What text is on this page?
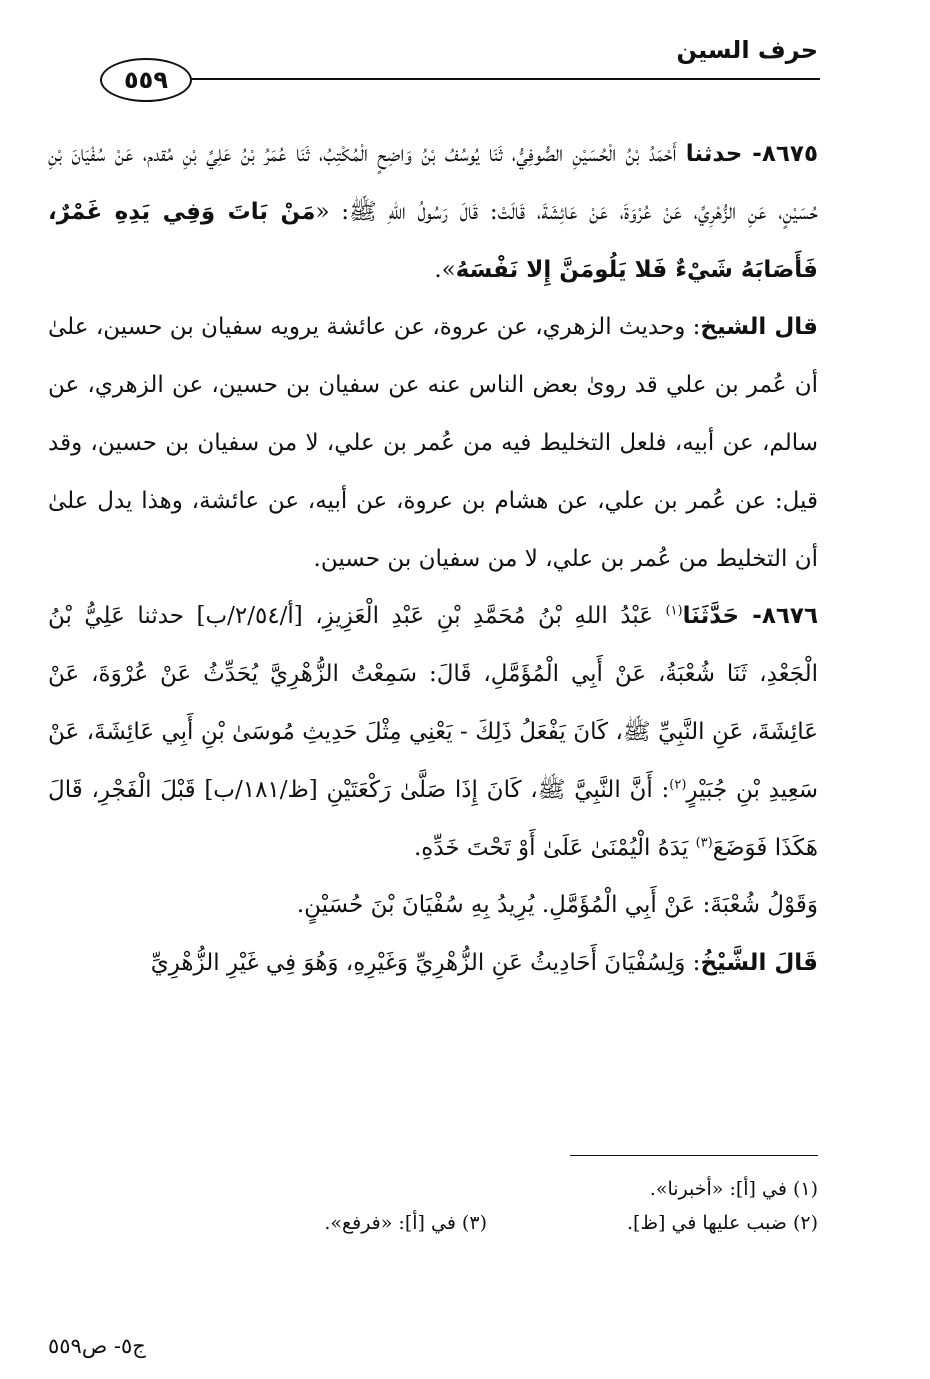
حرف السين
٥٥٩

٨٦٧٥- حدثنا أَحْمَدُ بْنُ الْحُسَيْنِ الصُّوفِيُّ، ثَنَا يُوسُفُ بْنُ وَاضِحٍ الْمُكْتِبُ، ثَنَا عُمَرُ بْنُ عَلِيِّ بْنِ مُقدم، عَنْ سُفْيَانَ بْنِ حُسَيْنٍ، عَنِ الزُّهْرِيِّ، عَنْ عُرْوَةَ، عَنْ عَائِشَةَ، قَالَتْ: قَالَ رَسُولُ اللهِ ﷺ: «مَنْ بَاتَ وَفِي يَدِهِ غَمْرٌ، فَأَصَابَهُ شَيْءٌ فَلا يَلُومَنَّ إِلا نَفْسَهُ».

قال الشيخ: وحديث الزهري، عن عروة، عن عائشة يرويه سفيان بن حسين، علىٰ أن عُمر بن علي قد روىٰ بعض الناس عنه عن سفيان بن حسين، عن الزهري، عن سالم، عن أبيه، فلعل التخليط فيه من عُمر بن علي، لا من سفيان بن حسين، وقد قيل: عن عُمر بن علي، عن هشام بن عروة، عن أبيه، عن عائشة، وهذا يدل علىٰ أن التخليط من عُمر بن علي، لا من سفيان بن حسين.

٨٦٧٦- حَدَّثَنَا$^{(١)}$ عَبْدُ اللهِ بْنُ مُحَمَّدِ بْنِ عَبْدِ الْعَزِيزِ، [أ/٢/٥٤/ب] حدثنا عَلِيُّ بْنُ الْجَعْدِ، ثَنَا شُعْبَةُ، عَنْ أَبِي الْمُؤَمَّلِ، قَالَ: سَمِعْتُ الزُّهْرِيَّ يُحَدِّثُ عَنْ عُرْوَةَ، عَنْ عَائِشَةَ، عَنِ النَّبِيِّ ﷺ، كَانَ يَفْعَلُ ذَلِكَ - يَعْنِي مِثْلَ حَدِيثِ مُوسَىٰ بْنِ أَبِي عَائِشَةَ، عَنْ سَعِيدِ بْنِ جُبَيْرٍ$^{(٢)}$: أَنَّ النَّبِيَّ ﷺ، كَانَ إِذَا صَلَّىٰ رَكْعَتَيْنِ [ظ/١٨١/ب] قَبْلَ الْفَجْرِ، قَالَ هَكَذَا فَوَضَعَ$^{(٣)}$ يَدَهُ الْيُمْنَىٰ عَلَىٰ أَوْ تَحْتَ خَدِّهِ.

وَقَوْلُ شُعْبَةَ: عَنْ أَبِي الْمُؤَمَّلِ. يُرِيدُ بِهِ سُفْيَانَ بْنَ حُسَيْنٍ.

قَالَ الشَّيْخُ: وَلِسُفْيَانَ أَحَادِيثُ عَنِ الزُّهْرِيِّ وَغَيْرِهِ، وَهُوَ فِي غَيْرِ الزُّهْرِيِّ

(١) في [أ]: «أخبرنا».
(٢) ضبب عليها في [ظ].(٣) في [أ]: «فرفع».
ج٥- ص٥٥٩
